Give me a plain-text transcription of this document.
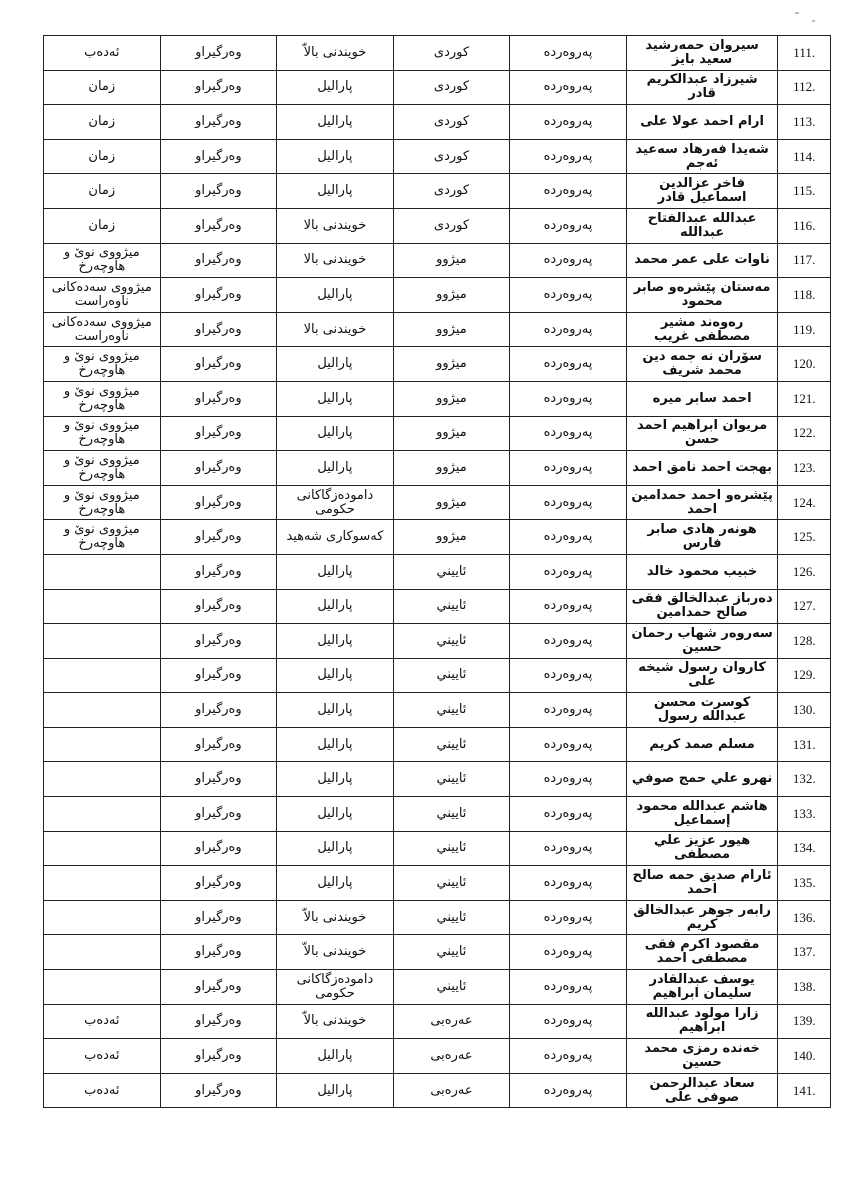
111.	سیروان حمەرشید سعید بایز	پەروەردە	کوردی	خویندنی بالاّ	وەرگیراو	ئەدەب
112.	شیرزاد عبدالکریم قادر	پەروەردە	کوردی	پارالیل	وەرگیراو	زمان
113.	ارام احمد عولا علی	پەروەردە	کوردی	پارالیل	وەرگیراو	زمان
114.	شەیدا فەرهاد سەعید ئەجم	پەروەردە	کوردی	پارالیل	وەرگیراو	زمان
115.	فاخر عزالدین اسماعیل قادر	پەروەردە	کوردی	پارالیل	وەرگیراو	زمان
116.	عبدالله عبدالفتاح عبدالله	پەروەردە	کوردی	خویندنی بالا	وەرگیراو	زمان
117.	ناوات علی عمر محمد	پەروەردە	میژوو	خویندنی بالا	وەرگیراو	میژووی نوێ و هاوچەرخ
118.	مەستان پێشرەو صابر محمود	پەروەردە	میژوو	پارالیل	وەرگیراو	میژووی سەدەکانی ناوەراست
119.	رەوەند مشیر مصطفی غریب	پەروەردە	میژوو	خویندنی بالا	وەرگیراو	میژووی سەدەکانی ناوەراست
120.	سۆران نه جمه دین محمد شریف	پەروەردە	میژوو	پارالیل	وەرگیراو	میژووی نوێ و هاوچەرخ
121.	احمد سابر میره	پەروەردە	میژوو	پارالیل	وەرگیراو	میژووی نوێ و هاوچەرخ
122.	مریوان ابراهیم احمد حسن	پەروەردە	میژوو	پارالیل	وەرگیراو	میژووی نوێ و هاوچەرخ
123.	بهجت احمد نامق احمد	پەروەردە	میژوو	پارالیل	وەرگیراو	میژووی نوێ و هاوچەرخ
124.	پێشرەو احمد حمدامین احمد	پەروەردە	میژوو	دامودەزگاکانی حکومی	وەرگیراو	میژووی نوێ و هاوچەرخ
125.	هونەر هادی صابر فارس	پەروەردە	میژوو	کەسوکاری شەهید	وەرگیراو	میژووی نوێ و هاوچەرخ
126.	خبیب محمود خالد	پەروەردە	ئاييني	پارالیل	وەرگیراو	
127.	دەرباز عبدالخالق فقی صالح حمدامین	پەروەردە	ئاييني	پارالیل	وەرگیراو	
128.	سەروەر شهاب رحمان حسین	پەروەردە	ئاييني	پارالیل	وەرگیراو	
129.	کاروان رسول شیخه علی	پەروەردە	ئاييني	پارالیل	وەرگیراو	
130.	کوسرت محسن عبدالله رسول	پەروەردە	ئاييني	پارالیل	وەرگیراو	
131.	مسلم صمد کریم	پەروەردە	ئاييني	پارالیل	وەرگیراو	
132.	نهرو علي حمج صوفي	پەروەردە	ئاييني	پارالیل	وەرگیراو	
133.	هاشم عبدالله محمود إسماعيل	پەروەردە	ئاييني	پارالیل	وەرگیراو	
134.	هیور عزیز علي مصطفی	پەروەردە	ئاييني	پارالیل	وەرگیراو	
135.	ئارام صدیق حمه صالح احمد	پەروەردە	ئاييني	پارالیل	وەرگیراو	
136.	رابەر جوهر عبدالخالق کریم	پەروەردە	ئاييني	خویندنی بالاّ	وەرگیراو	
137.	مقصود اکرم فقی مصطفی احمد	پەروەردە	ئاييني	خویندنی بالاّ	وەرگیراو	
138.	یوسف عبدالقادر سلیمان ابراهیم	پەروەردە	ئاييني	دامودەزگاکانی حکومی	وەرگیراو	
139.	زارا مولود عبدالله ابراهیم	پەروەردە	عەرەبی	خویندنی بالاّ	وەرگیراو	ئەدەب
140.	خەندە رمزی محمد حسین	پەروەردە	عەرەبی	پارالیل	وەرگیراو	ئەدەب
141.	سعاد عبدالرحمن صوفی علی	پەروەردە	عەرەبی	پارالیل	وەرگیراو	ئەدەب
